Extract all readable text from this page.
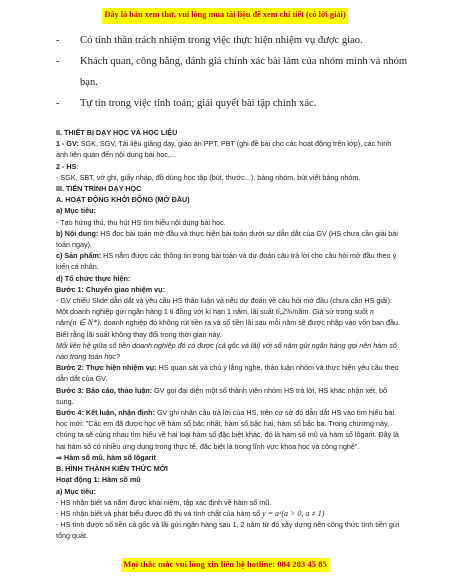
Đây là bản xem thử, vui lòng mua tài liệu để xem chi tiết (có lời giải)
-	Có tinh thần trách nhiệm trong việc thực hiện nhiệm vụ được giao.
-	Khách quan, công bằng, đánh giá chính xác bài làm của nhóm mình và nhóm bạn.
-	Tự tin trong việc tính toán; giải quyết bài tập chính xác.

II. THIẾT BỊ DẠY HỌC VÀ HỌC LIỆU

1 - GV: SGK, SGV, Tài liệu giảng dạy, giáo án PPT, PBT (ghi đề bài cho các hoạt động trên lớp), các hình ảnh liên quan đến nội dung bài học,...

2 - HS:

- SGK, SBT, vở ghi, giấy nháp, đồ dùng học tập (bút, thước...), bảng nhóm, bút viết bảng nhóm.

III. TIẾN TRÌNH DẠY HỌC

A. HOẠT ĐỘNG KHỞI ĐỘNG (MỞ ĐẦU)

a) Mục tiêu:

- Tạo hứng thú, thu hút HS tìm hiểu nội dung bài học.

b) Nội dung: HS đọc bài toán mở đầu và thực hiện bài toán dưới sự dẫn dắt của GV (HS chưa cần giải bài toán ngay).

c) Sản phẩm: HS nắm được các thông tin trong bài toán và dự đoán câu trả lời cho câu hỏi mở đầu theo ý kiến cá nhân.

d) Tổ chức thực hiện:

Bước 1: Chuyển giao nhiệm vụ:

- GV chiếu Slide dẫn dắt và yêu cầu HS thảo luận và nêu dự đoán về câu hỏi mở đầu (chưa cần HS giải): Một doanh nghiệp gửi ngân hàng 1 tỉ đồng với kì hạn 1 năm, lãi suất 6,2%/năm. Giả sử trong suốt n
năm(n ∈ N*), doanh nghiệp đó không rút tiền ra và số tiền lãi sau mỗi năm sẽ được nhập vào vốn ban đầu. Biết rằng lãi suất không thay đổi trong thời gian này.

Mối liên hệ giữa số tiền doanh nghiệp đó có được (cả gốc và lãi) với số năm gửi ngân hàng gọi nên hàm số nào trong toán học?

Bước 2: Thực hiện nhiệm vụ: HS quan sát và chú ý lắng nghe, thảo luận nhóm và thực hiện yêu cầu theo dẫn dắt của GV.

Bước 3: Báo cáo, thảo luận: GV gọi đại diện một số thành viên nhóm HS trả lời, HS khác nhận xét, bổ sung.

Bước 4: Kết luận, nhận định: GV ghi nhận câu trả lời của HS, trên cơ sở đó dẫn dắt HS vào tìm hiểu bài học mới: "Các em đã được học về hàm số bậc nhất, hàm số bậc hai, hàm số bậc ba. Trong chương này, chúng ta sẽ cùng nhau tìm hiểu về hai loại hàm số đặc biệt khác, đó là hàm số mũ và hàm số lôgarit. Đây là hai hàm số có nhiều ứng dụng trong thực tế, đặc biệt là trong lĩnh vực khoa học và công nghệ".

⇒ Hàm số mũ. hàm số lôgarit

B. HÌNH THÀNH KIẾN THỨC MỚI

Hoạt động 1: Hàm số mũ

a) Mục tiêu:

- HS nhận biết và nắm được khái niệm, tập xác định về hàm số mũ.

- HS nhận biết và phát biểu được đồ thị và tính chất của hàm số y = aˣ(a > 0, a ≠ 1)

- HS tính được số tiền cả gốc và lãi gửi ngân hàng sau 1, 2 năm từ đó xây dựng nên công thức tính tiền gửi tổng quát.

Mọi thắc mắc vui lòng xin liên hệ hotline: 084 283 45 85
